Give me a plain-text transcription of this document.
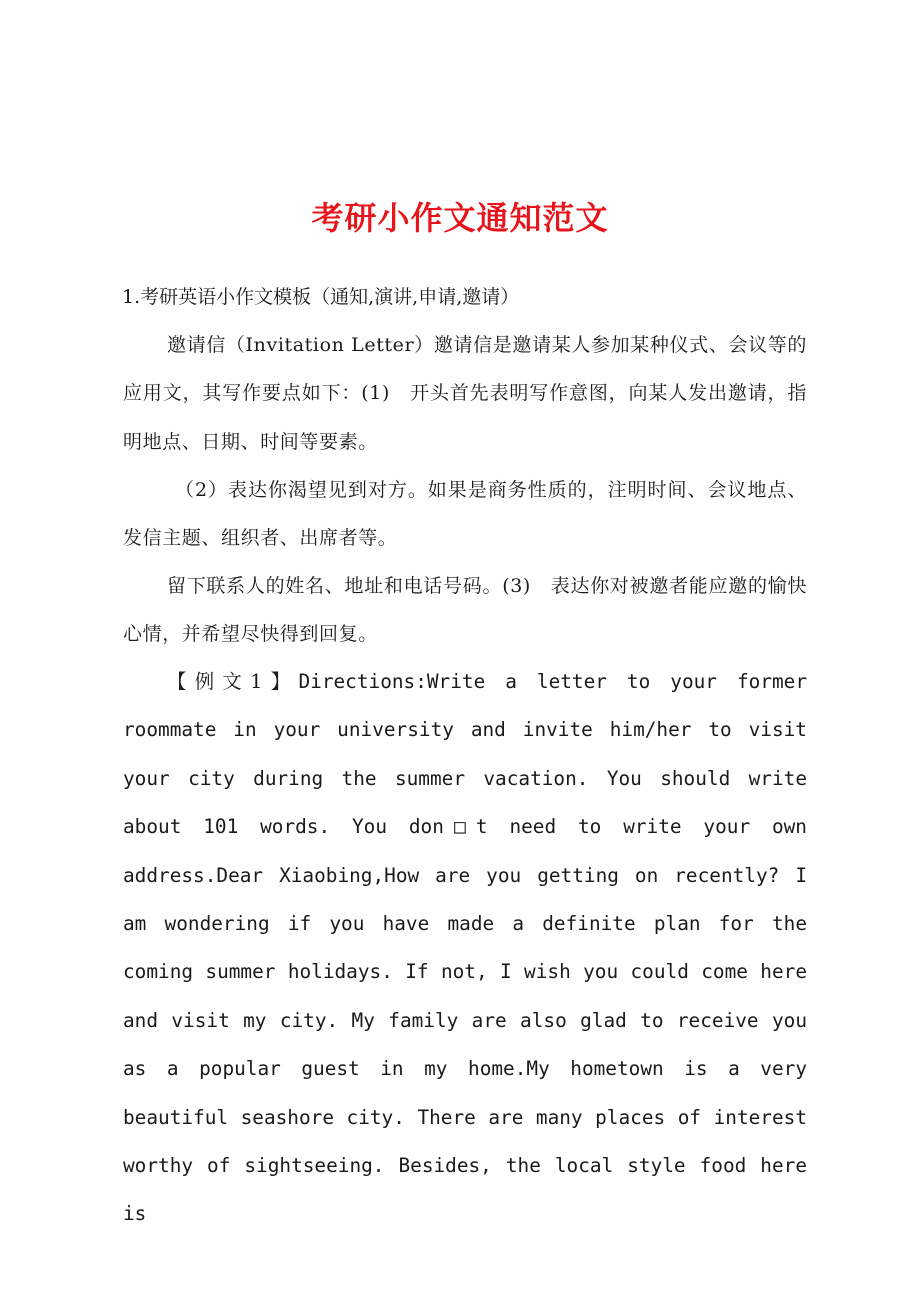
考研小作文通知范文
1.考研英语小作文模板（通知,演讲,申请,邀请）
邀请信（Invitation Letter）邀请信是邀请某人参加某种仪式、会议等的应用文，其写作要点如下：(1)　开头首先表明写作意图，向某人发出邀请，指明地点、日期、时间等要素。
（2）表达你渴望见到对方。如果是商务性质的，注明时间、会议地点、发信主题、组织者、出席者等。
留下联系人的姓名、地址和电话号码。(3)　表达你对被邀者能应邀的愉快心情，并希望尽快得到回复。
【例文1】Directions:Write a letter to your former roommate in your university and invite him/her to visit your city during the summer vacation. You should write about 101 words. You don□t need to write your own address.Dear Xiaobing,How are you getting on recently? I am wondering if you have made a definite plan for the coming summer holidays. If not, I wish you could come here and visit my city. My family are also glad to receive you as a popular guest in my home.My hometown is a very beautiful seashore city. There are many places of interest worthy of sightseeing. Besides, the local style food here is
